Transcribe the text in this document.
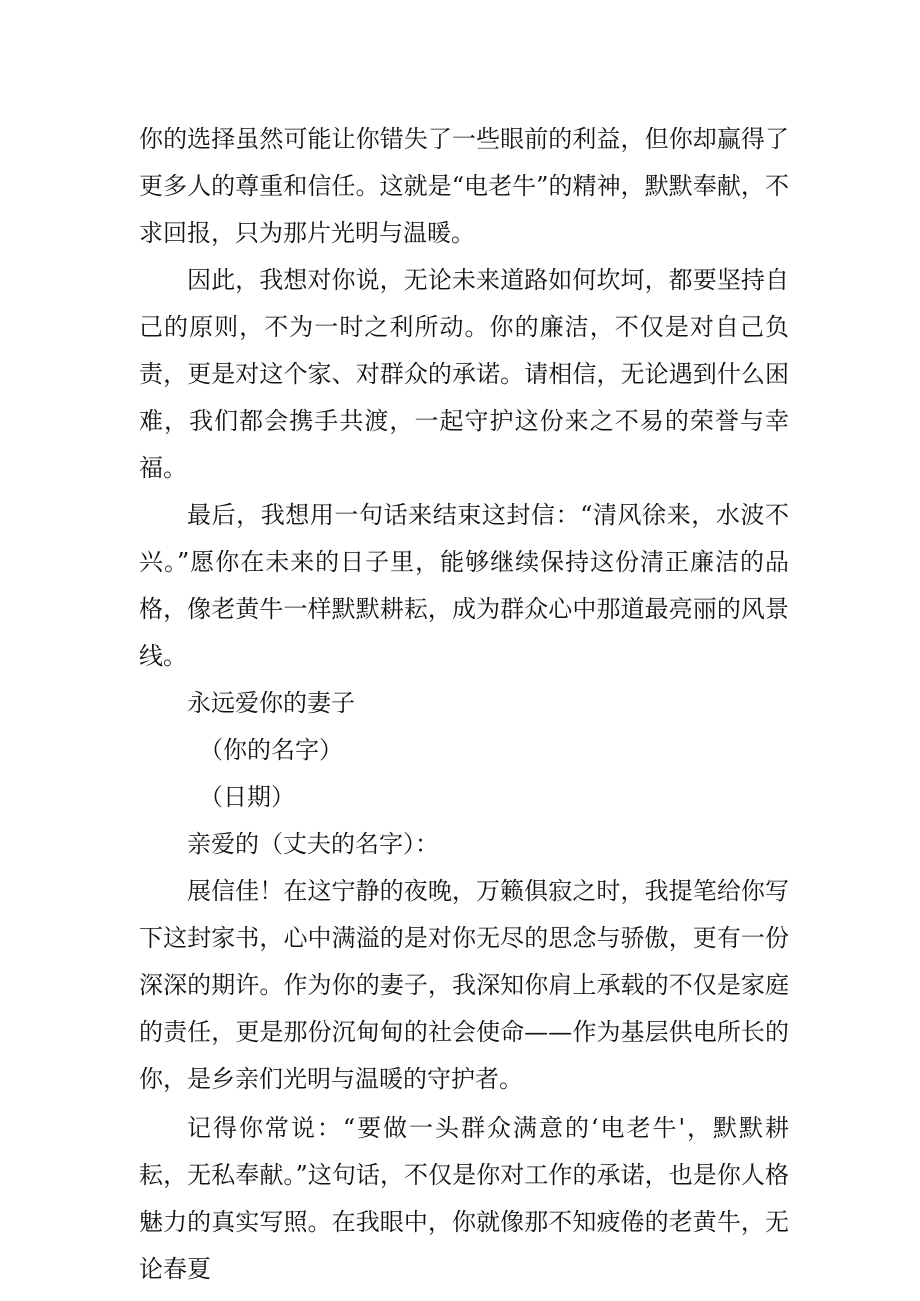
你的选择虽然可能让你错失了一些眼前的利益，但你却赢得了更多人的尊重和信任。这就是“电老牛”的精神，默默奉献，不求回报，只为那片光明与温暖。

因此，我想对你说，无论未来道路如何坎坷，都要坚持自己的原则，不为一时之利所动。你的廉洁，不仅是对自己负责，更是对这个家、对群众的承诺。请相信，无论遇到什么困难，我们都会携手共渡，一起守护这份来之不易的荣誉与幸福。

最后，我想用一句话来结束这封信：“清风徐来，水波不兴。”愿你在未来的日子里，能够继续保持这份清正廉洁的品格，像老黄牛一样默默耕耘，成为群众心中那道最亮丽的风景线。

永远爱你的妻子

（你的名字）

（日期）

亲爱的（丈夫的名字）：

展信佳！在这宁静的夜晚，万籁俱寂之时，我提笔给你写下这封家书，心中满溢的是对你无尽的思念与骄傲，更有一份深深的期许。作为你的妻子，我深知你肩上承载的不仅是家庭的责任，更是那份沉甸甸的社会使命——作为基层供电所长的你，是乡亲们光明与温暖的守护者。

记得你常说：“要做一头群众满意的‘电老牛'，默默耕耘，无私奉献。”这句话，不仅是你对工作的承诺，也是你人格魅力的真实写照。在我眼中，你就像那不知疲倦的老黄牛，无论春夏
